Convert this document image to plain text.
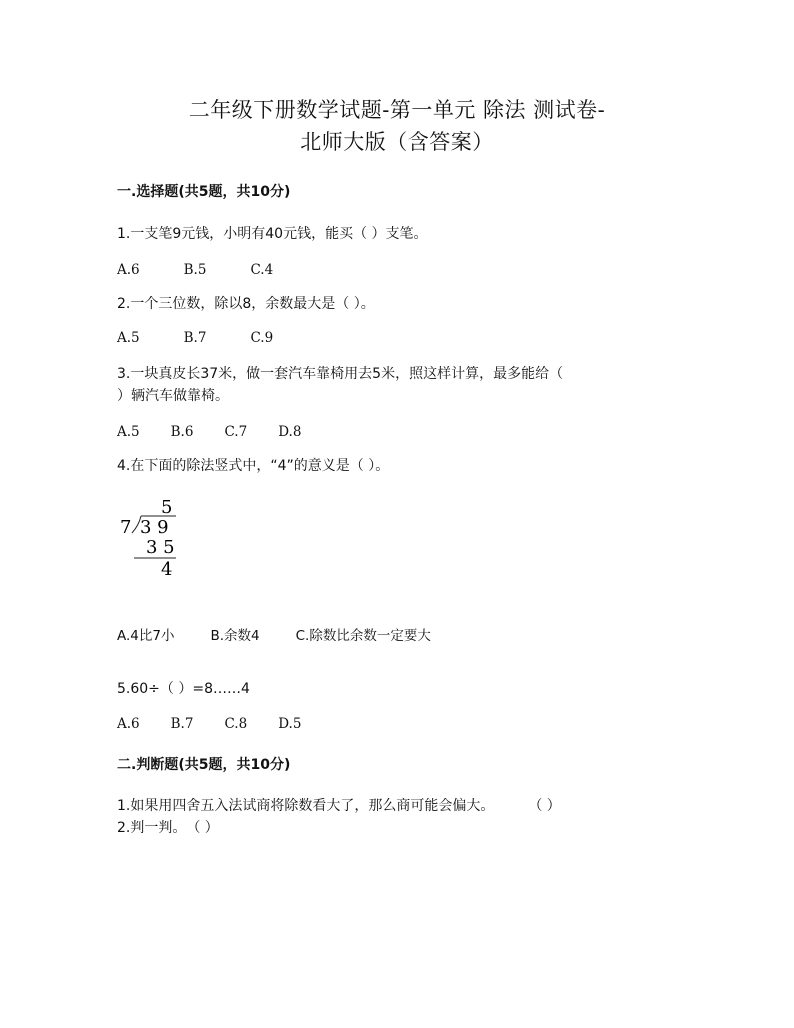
二年级下册数学试题-第一单元 除法 测试卷-
北师大版（含答案）
一.选择题(共5题，共10分)
1.一支笔9元钱，小明有40元钱，能买（ ）支笔。
A.6	B.5	C.4
2.一个三位数，除以8，余数最大是（ ）。
A.5	B.7	C.9
3.一块真皮长37米，做一套汽车靠椅用去5米，照这样计算，最多能给（
）辆汽车做靠椅。
A.5 B.6 C.7 D.8
4.在下面的除法竖式中，“4”的意义是（ ）。
5
7 3 9
3 5
4
A.4比7小	B.余数4	C.除数比余数一定要大
5.60÷（ ）=8……4
A.6 B.7 C.8 D.5
二.判断题(共5题，共10分)
1.如果用四舍五入法试商将除数看大了，那么商可能会偏大。 （ ）
2.判一判。（ ）
